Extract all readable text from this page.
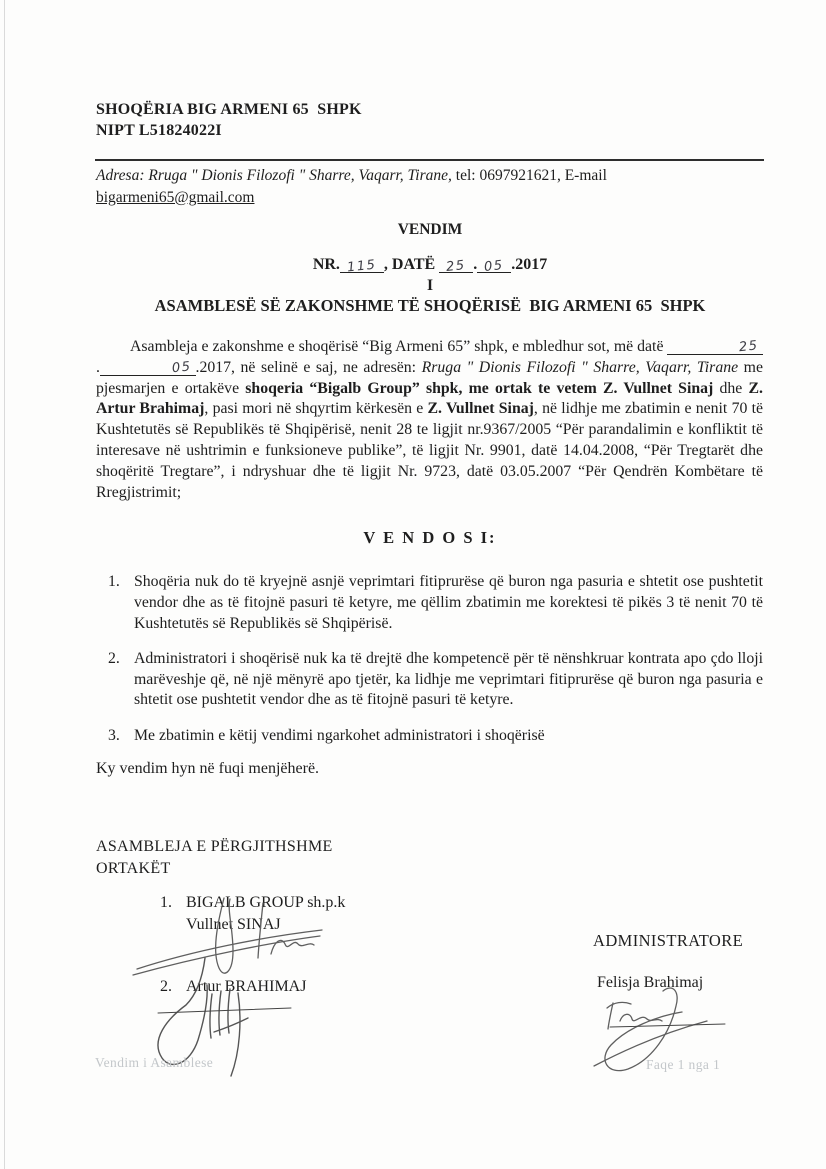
SHOQËRIA BIG ARMENI 65  SHPK
NIPT L51824022I
Adresa: Rruga " Dionis Filozofi " Sharre, Vaqarr, Tirane, tel: 0697921621, E-mail
bigarmeni65@gmail.com
VENDIM
NR. 115 , DATË 25 . 05 .2017
I
ASAMBLESË SË ZAKONSHME TË SHOQËRISË  BIG ARMENI 65  SHPK

Asambleja e zakonshme e shoqërisë “Big Armeni 65” shpk, e mbledhur sot, më datë	25.	05 .2017, në selinë e saj, ne adresën: Rruga " Dionis Filozofi " Sharre, Vaqarr, Tirane me pjesmarjen e ortakëve shoqeria “Bigalb Group” shpk, me ortak te vetem Z. Vullnet Sinaj dhe Z. Artur Brahimaj, pasi mori në shqyrtim kërkesën e Z. Vullnet Sinaj, në lidhje me zbatimin e nenit 70 të Kushtetutës së Republikës të Shqipërisë, nenit 28 te ligjit nr.9367/2005 “Për parandalimin e konfliktit të interesave në ushtrimin e funksioneve publike”, të ligjit Nr. 9901, datë 14.04.2008, “Për Tregtarët dhe shoqëritë Tregtare”, i ndryshuar dhe të ligjit Nr. 9723, datë 03.05.2007 “Për Qendrën Kombëtare të Rregjistrimit;

V E N D O S I:
1. Shoqëria nuk do të kryejnë asnjë veprimtari fitiprurëse që buron nga pasuria e shtetit ose pushtetit vendor dhe as të fitojnë pasuri të ketyre, me qëllim zbatimin me korektesi të pikës 3 të nenit 70 të Kushtetutës së Republikës së Shqipërisë.
2. Administratori i shoqërisë nuk ka të drejtë dhe kompetencë për të nënshkruar kontrata apo çdo lloji marëveshje që, në një mënyrë apo tjetër, ka lidhje me veprimtari fitiprurëse që buron nga pasuria e shtetit ose pushtetit vendor dhe as të fitojnë pasuri të ketyre.
3. Me zbatimin e këtij vendimi ngarkohet administratori i shoqërisë
Ky vendim hyn në fuqi menjëherë.
ASAMBLEJA E PËRGJITHSHME
ORTAKËT
1. BIGALB GROUP sh.p.k
Vullnet SINAJ
ADMINISTRATORE
2. Artur BRAHIMAJ	Felisja Brahimaj
Vendim i Asamblese	Faqe 1 nga 1
